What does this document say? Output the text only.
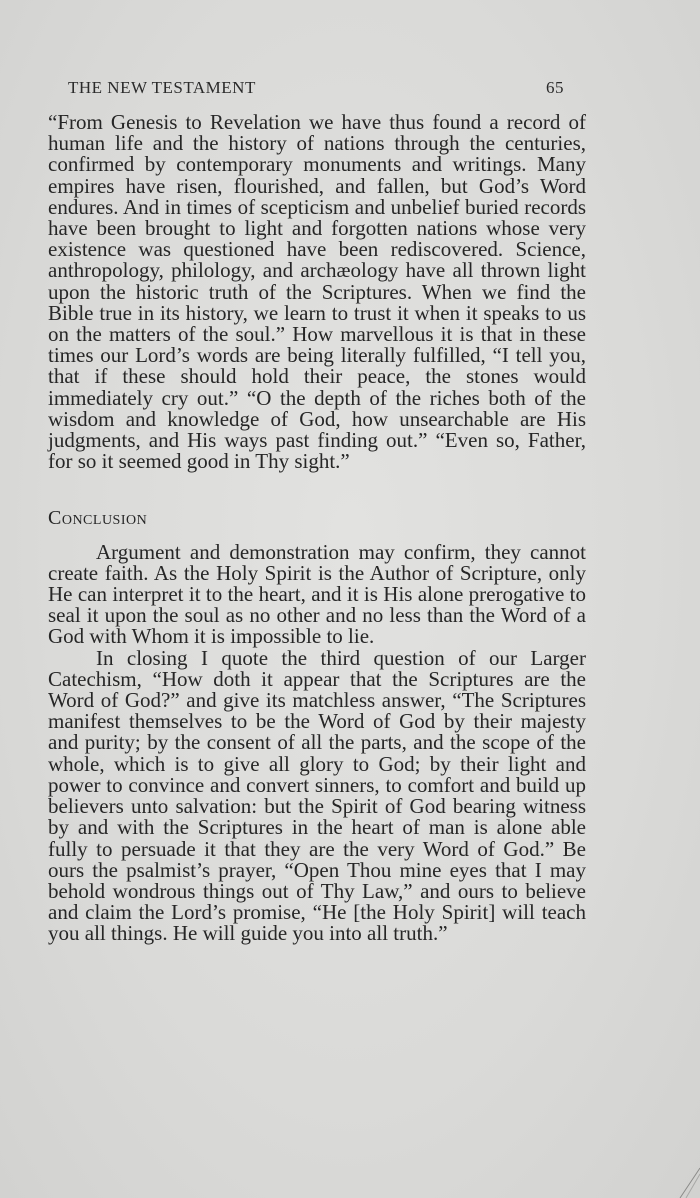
THE NEW TESTAMENT	65

“From Genesis to Revelation we have thus found a record of human life and the history of nations through the centuries, confirmed by contemporary monuments and writings. Many empires have risen, flourished, and fallen, but God’s Word endures. And in times of scepticism and unbelief buried records have been brought to light and forgotten nations whose very existence was questioned have been rediscovered. Science, anthropology, philology, and archæology have all thrown light upon the historic truth of the Scriptures. When we find the Bible true in its history, we learn to trust it when it speaks to us on the matters of the soul.” How marvellous it is that in these times our Lord’s words are being literally fulfilled, “I tell you, that if these should hold their peace, the stones would immediately cry out.” “O the depth of the riches both of the wisdom and knowledge of God, how unsearchable are His judgments, and His ways past finding out.” “Even so, Father, for so it seemed good in Thy sight.”

Conclusion

Argument and demonstration may confirm, they cannot create faith. As the Holy Spirit is the Author of Scripture, only He can interpret it to the heart, and it is His alone prerogative to seal it upon the soul as no other and no less than the Word of a God with Whom it is impossible to lie.

In closing I quote the third question of our Larger Catechism, “How doth it appear that the Scriptures are the Word of God?” and give its matchless answer, “The Scriptures manifest themselves to be the Word of God by their majesty and purity; by the consent of all the parts, and the scope of the whole, which is to give all glory to God; by their light and power to convince and convert sinners, to comfort and build up believers unto salvation: but the Spirit of God bearing witness by and with the Scriptures in the heart of man is alone able fully to persuade it that they are the very Word of God.” Be ours the psalmist’s prayer, “Open Thou mine eyes that I may behold wondrous things out of Thy Law,” and ours to believe and claim the Lord’s promise, “He [the Holy Spirit] will teach you all things. He will guide you into all truth.”
